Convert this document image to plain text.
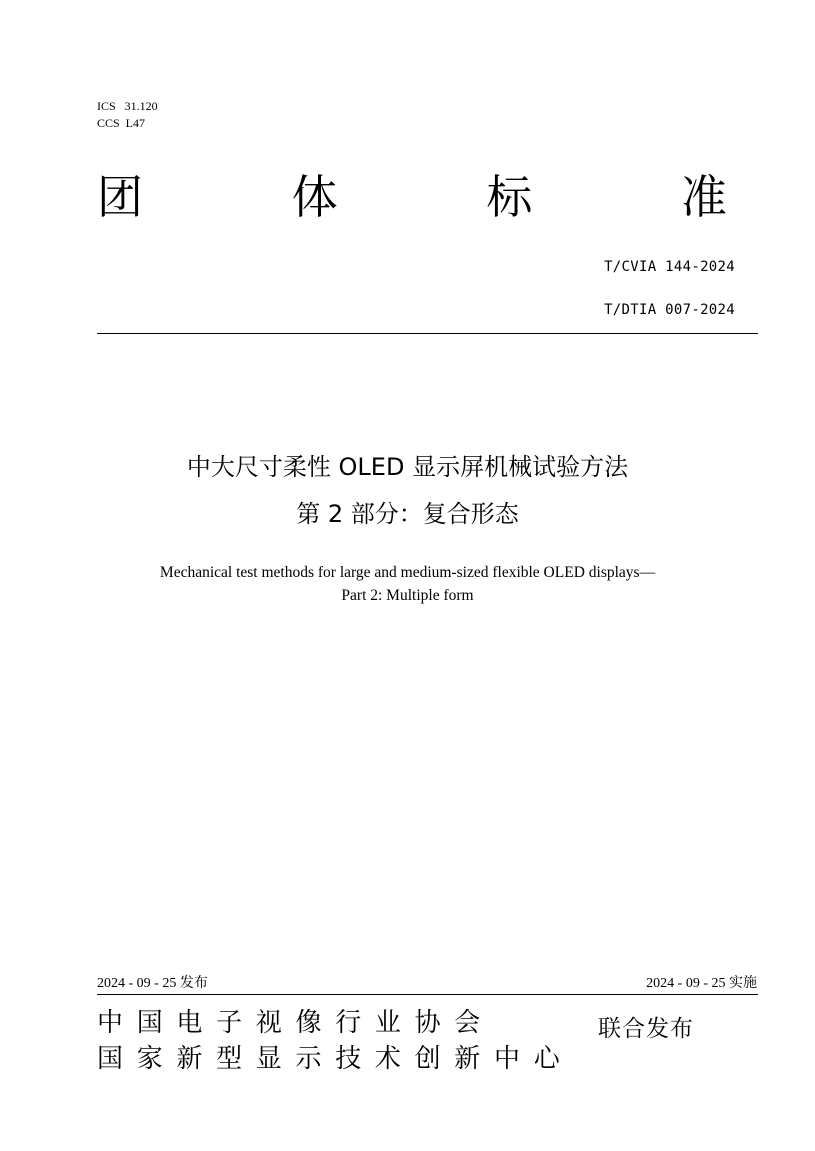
ICS   31.120
CCS  L47
团	体	标	准
T/CVIA 144-2024
T/DTIA 007-2024
中大尺寸柔性 OLED 显示屏机械试验方法
第 2 部分：复合形态
Mechanical test methods for large and medium-sized flexible OLED displays—
Part 2: Multiple form
2024 - 09 - 25 发布	2024 - 09 - 25 实施
中国电子视像行业协会
国家新型显示技术创新中心
联合发布
